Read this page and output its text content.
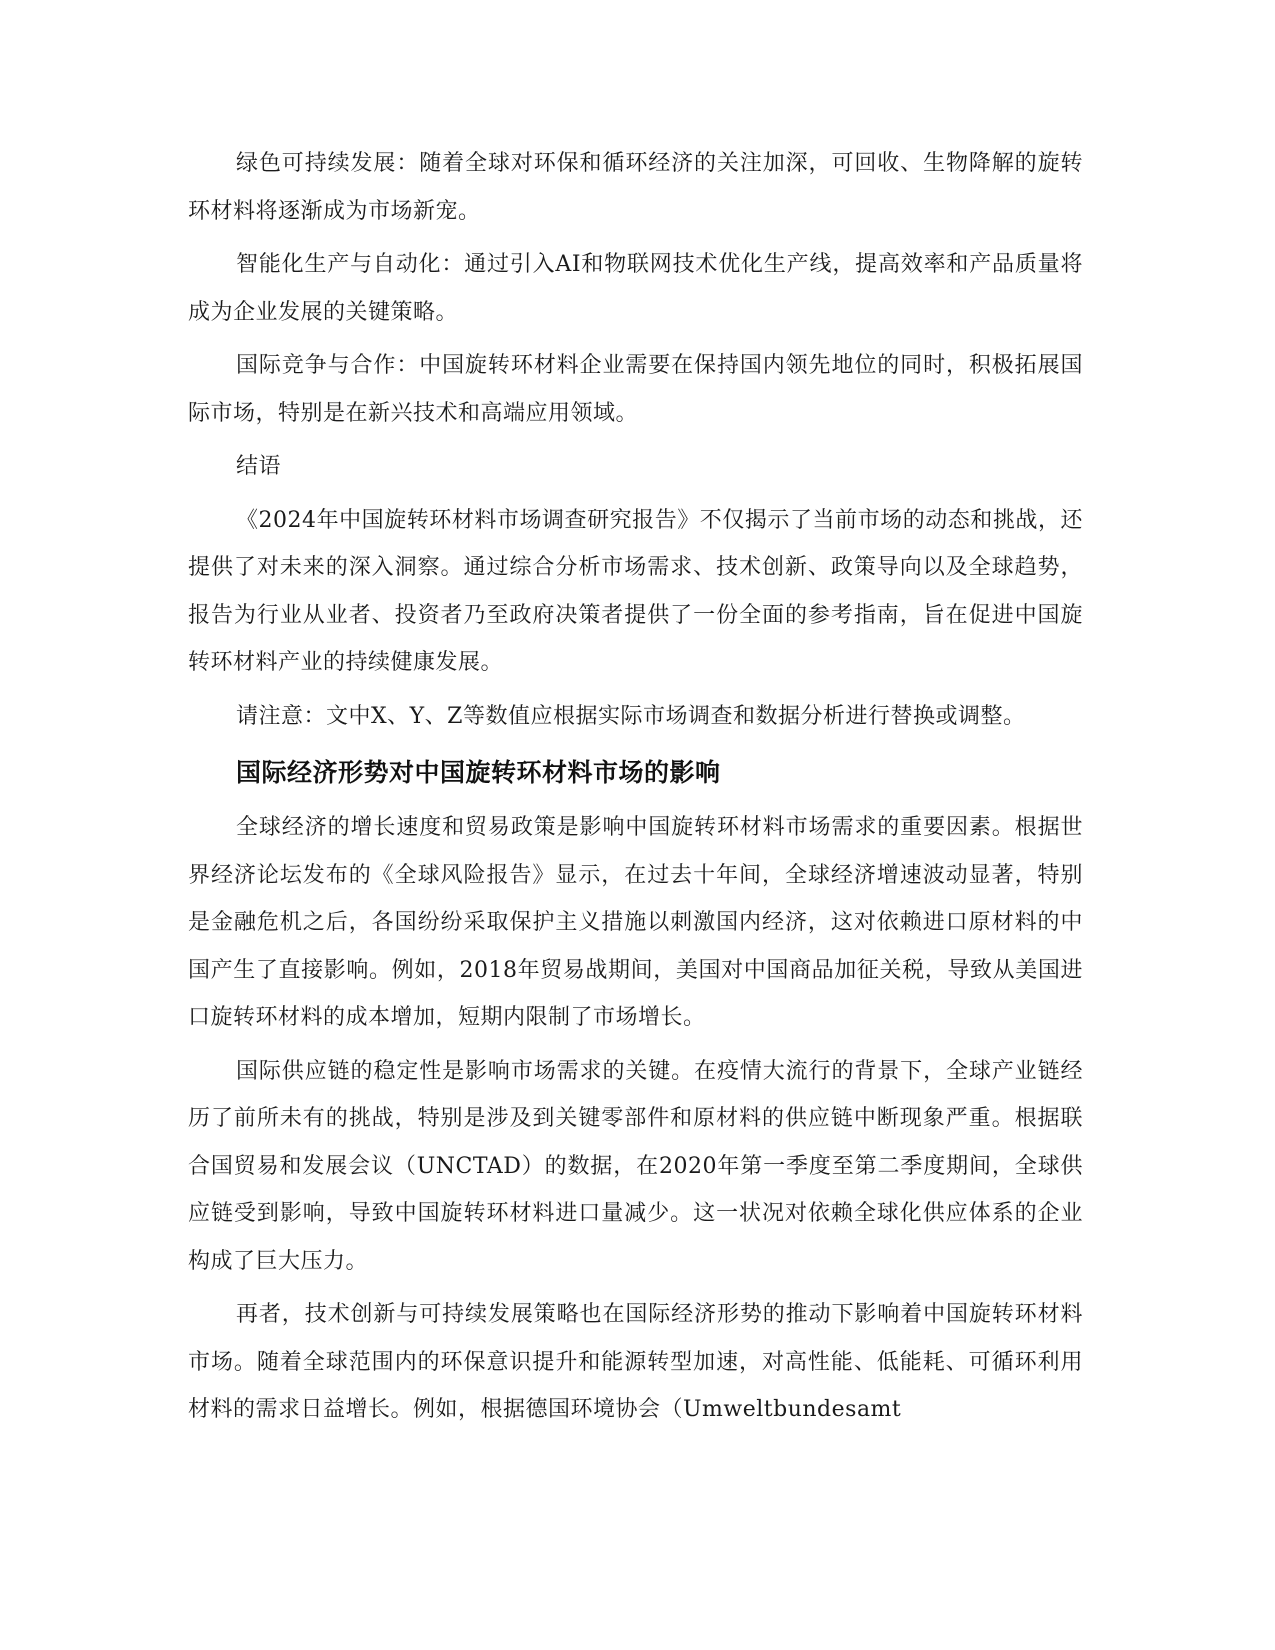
绿色可持续发展：随着全球对环保和循环经济的关注加深，可回收、生物降解的旋转环材料将逐渐成为市场新宠。

智能化生产与自动化：通过引入AI和物联网技术优化生产线，提高效率和产品质量将成为企业发展的关键策略。

国际竞争与合作：中国旋转环材料企业需要在保持国内领先地位的同时，积极拓展国际市场，特别是在新兴技术和高端应用领域。

结语

《2024年中国旋转环材料市场调查研究报告》不仅揭示了当前市场的动态和挑战，还提供了对未来的深入洞察。通过综合分析市场需求、技术创新、政策导向以及全球趋势，报告为行业从业者、投资者乃至政府决策者提供了一份全面的参考指南，旨在促进中国旋转环材料产业的持续健康发展。

请注意：文中X、Y、Z等数值应根据实际市场调查和数据分析进行替换或调整。

国际经济形势对中国旋转环材料市场的影响

全球经济的增长速度和贸易政策是影响中国旋转环材料市场需求的重要因素。根据世界经济论坛发布的《全球风险报告》显示，在过去十年间，全球经济增速波动显著，特别是金融危机之后，各国纷纷采取保护主义措施以刺激国内经济，这对依赖进口原材料的中国产生了直接影响。例如，2018年贸易战期间，美国对中国商品加征关税，导致从美国进口旋转环材料的成本增加，短期内限制了市场增长。

国际供应链的稳定性是影响市场需求的关键。在疫情大流行的背景下，全球产业链经历了前所未有的挑战，特别是涉及到关键零部件和原材料的供应链中断现象严重。根据联合国贸易和发展会议（UNCTAD）的数据，在2020年第一季度至第二季度期间，全球供应链受到影响，导致中国旋转环材料进口量减少。这一状况对依赖全球化供应体系的企业构成了巨大压力。

再者，技术创新与可持续发展策略也在国际经济形势的推动下影响着中国旋转环材料市场。随着全球范围内的环保意识提升和能源转型加速，对高性能、低能耗、可循环利用材料的需求日益增长。例如，根据德国环境协会（Umweltbundesamt
